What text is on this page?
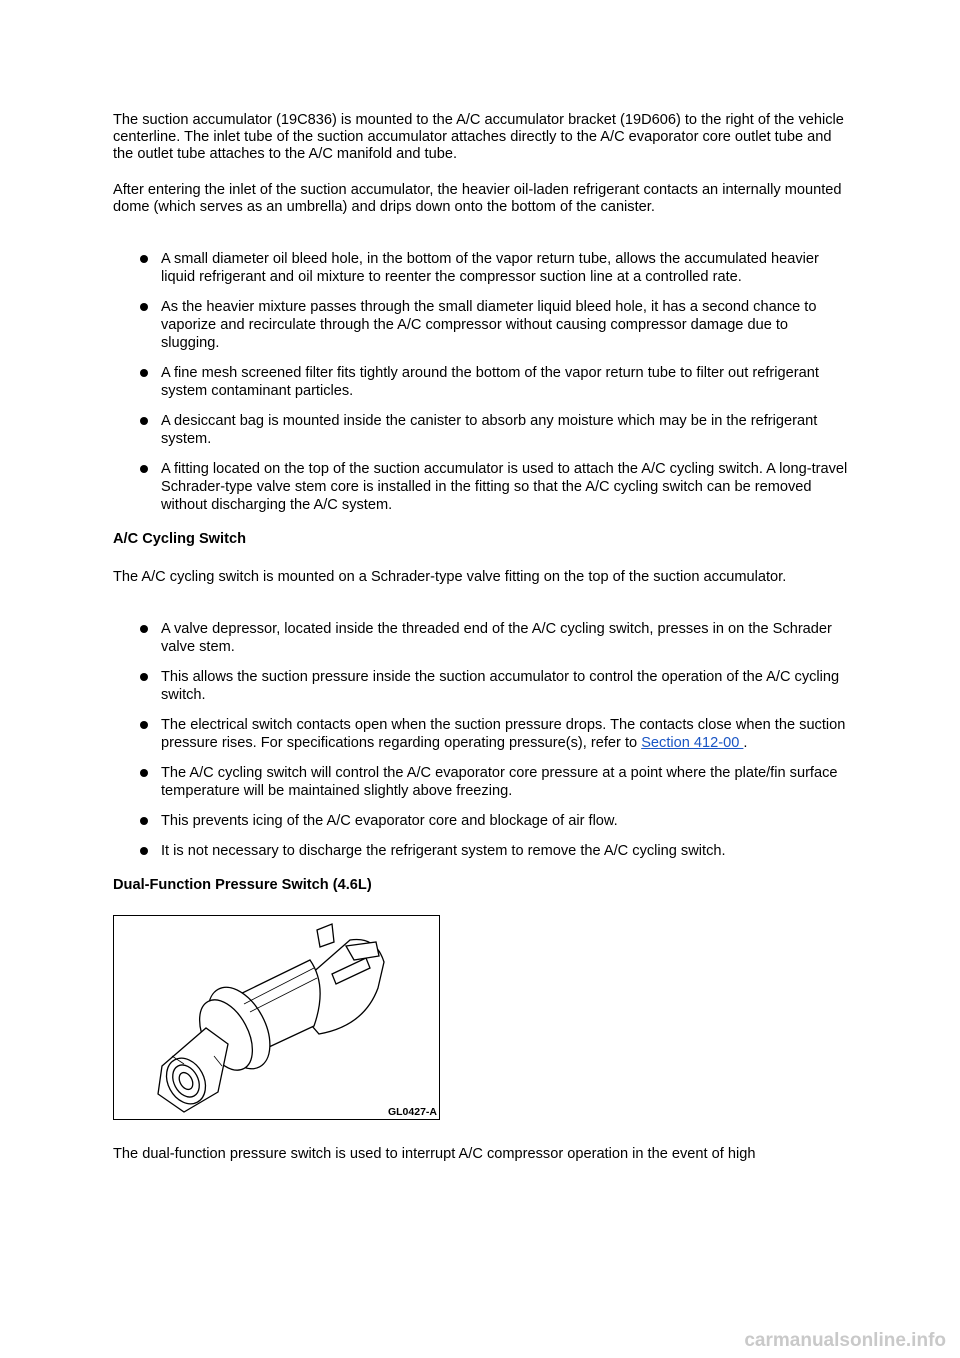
The suction accumulator (19C836) is mounted to the A/C accumulator bracket (19D606) to the right of the vehicle centerline. The inlet tube of the suction accumulator attaches directly to the A/C evaporator core outlet tube and the outlet tube attaches to the A/C manifold and tube.

After entering the inlet of the suction accumulator, the heavier oil-laden refrigerant contacts an internally mounted dome (which serves as an umbrella) and drips down onto the bottom of the canister.

A small diameter oil bleed hole, in the bottom of the vapor return tube, allows the accumulated heavier liquid refrigerant and oil mixture to reenter the compressor suction line at a controlled rate.
As the heavier mixture passes through the small diameter liquid bleed hole, it has a second chance to vaporize and recirculate through the A/C compressor without causing compressor damage due to slugging.
A fine mesh screened filter fits tightly around the bottom of the vapor return tube to filter out refrigerant system contaminant particles.
A desiccant bag is mounted inside the canister to absorb any moisture which may be in the refrigerant system.
A fitting located on the top of the suction accumulator is used to attach the A/C cycling switch. A long-travel Schrader-type valve stem core is installed in the fitting so that the A/C cycling switch can be removed without discharging the A/C system.
A/C Cycling Switch

The A/C cycling switch is mounted on a Schrader-type valve fitting on the top of the suction accumulator.

A valve depressor, located inside the threaded end of the A/C cycling switch, presses in on the Schrader valve stem.
This allows the suction pressure inside the suction accumulator to control the operation of the A/C cycling switch.
The electrical switch contacts open when the suction pressure drops. The contacts close when the suction pressure rises. For specifications regarding operating pressure(s), refer to Section 412-00 .
The A/C cycling switch will control the A/C evaporator core pressure at a point where the plate/fin surface temperature will be maintained slightly above freezing.
This prevents icing of the A/C evaporator core and blockage of air flow.
It is not necessary to discharge the refrigerant system to remove the A/C cycling switch.
Dual-Function Pressure Switch (4.6L)
GL0427-A

The dual-function pressure switch is used to interrupt A/C compressor operation in the event of high

carmanualsonline.info
